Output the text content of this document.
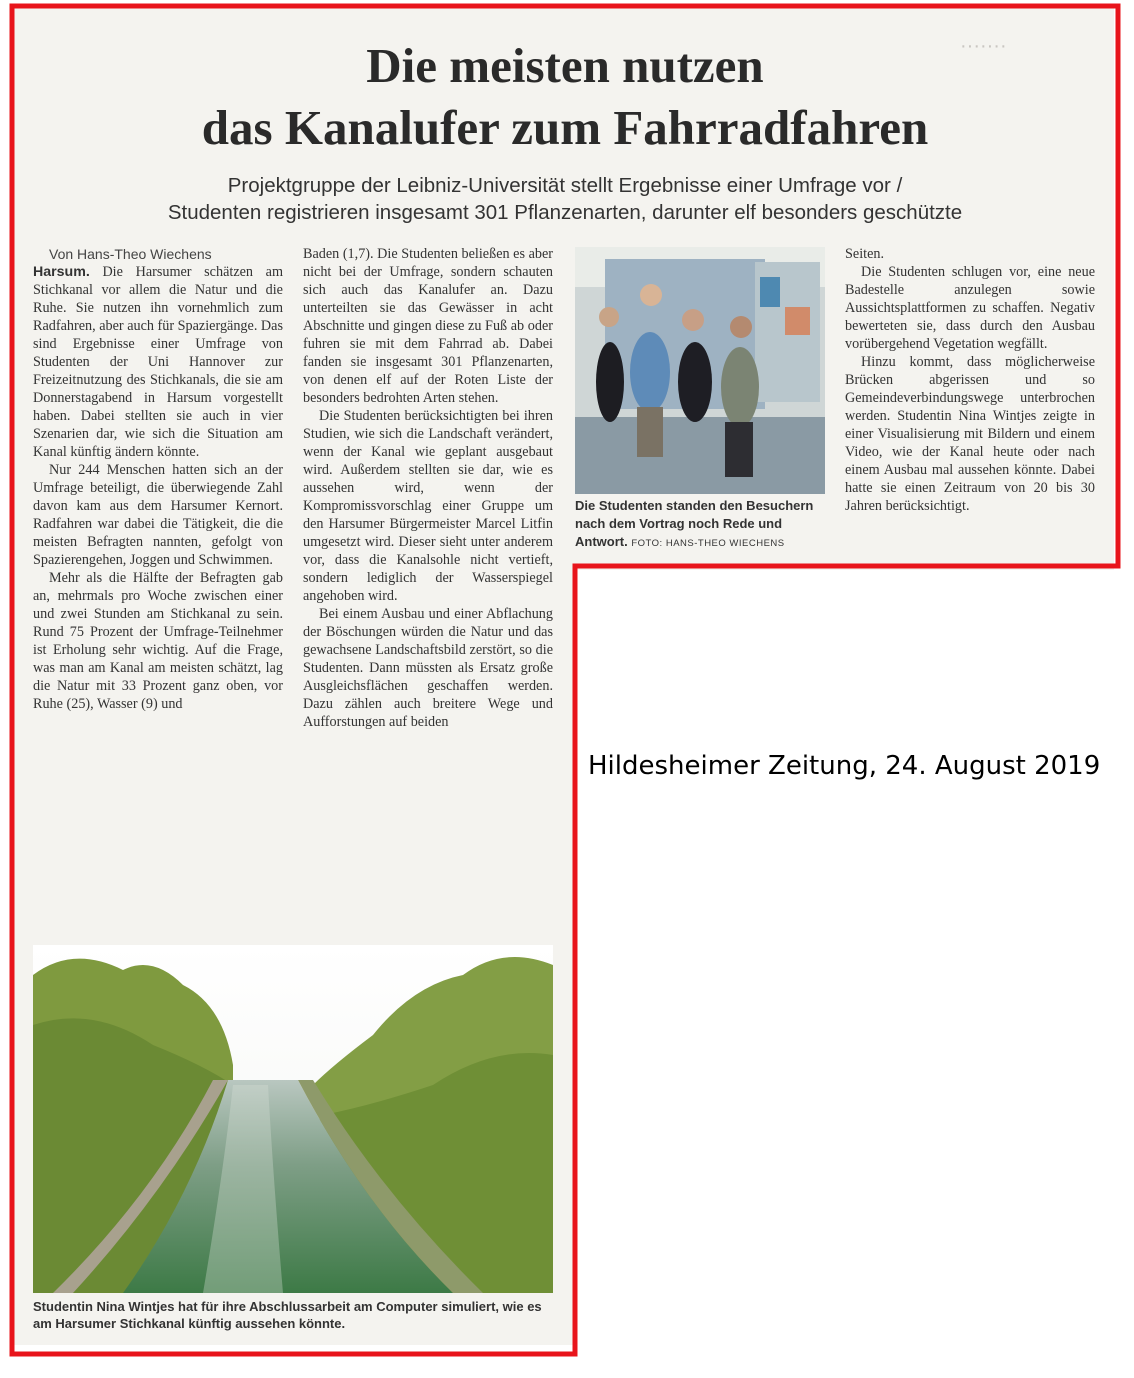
·······
Die meisten nutzen
das Kanalufer zum Fahrradfahren
Projektgruppe der Leibniz-Universität stellt Ergebnisse einer Umfrage vor /
Studenten registrieren insgesamt 301 Pflanzenarten, darunter elf besonders geschützte

Von Hans-Theo Wiechens

Harsum. Die Harsumer schätzen am Stichkanal vor allem die Natur und die Ruhe. Sie nutzen ihn vornehmlich zum Radfahren, aber auch für Spaziergänge. Das sind Ergebnisse einer Umfrage von Studenten der Uni Hannover zur Freizeitnutzung des Stichkanals, die sie am Donnerstagabend in Harsum vorgestellt haben. Dabei stellten sie auch in vier Szenarien dar, wie sich die Situation am Kanal künftig ändern könnte.

Nur 244 Menschen hatten sich an der Umfrage beteiligt, die überwiegende Zahl davon kam aus dem Harsumer Kernort. Radfahren war dabei die Tätigkeit, die die meisten Befragten nannten, gefolgt von Spazierengehen, Joggen und Schwimmen.

Mehr als die Hälfte der Befragten gab an, mehrmals pro Woche zwischen einer und zwei Stunden am Stichkanal zu sein. Rund 75 Prozent der Umfrage-Teilnehmer ist Erholung sehr wichtig. Auf die Frage, was man am Kanal am meisten schätzt, lag die Natur mit 33 Prozent ganz oben, vor Ruhe (25), Wasser (9) und

Baden (1,7). Die Studenten beließen es aber nicht bei der Umfrage, sondern schauten sich auch das Kanalufer an. Dazu unterteilten sie das Gewässer in acht Abschnitte und gingen diese zu Fuß ab oder fuhren sie mit dem Fahrrad ab. Dabei fanden sie insgesamt 301 Pflanzenarten, von denen elf auf der Roten Liste der besonders bedrohten Arten stehen.

Die Studenten berücksichtigten bei ihren Studien, wie sich die Landschaft verändert, wenn der Kanal wie geplant ausgebaut wird. Außerdem stellten sie dar, wie es aussehen wird, wenn der Kompromissvorschlag einer Gruppe um den Harsumer Bürgermeister Marcel Litfin umgesetzt wird. Dieser sieht unter anderem vor, dass die Kanalsohle nicht vertieft, sondern lediglich der Wasserspiegel angehoben wird.

Bei einem Ausbau und einer Abflachung der Böschungen würden die Natur und das gewachsene Landschaftsbild zerstört, so die Studenten. Dann müssten als Ersatz große Ausgleichsflächen geschaffen werden. Dazu zählen auch breitere Wege und Aufforstungen auf beiden

Die Studenten standen den Besuchern nach dem Vortrag noch Rede und Antwort. FOTO: HANS-THEO WIECHENS

Seiten.

Die Studenten schlugen vor, eine neue Badestelle anzulegen sowie Aussichtsplattformen zu schaffen. Negativ bewerteten sie, dass durch den Ausbau vorübergehend Vegetation wegfällt.

Hinzu kommt, dass möglicherweise Brücken abgerissen und so Gemeindeverbindungswege unterbrochen werden. Studentin Nina Wintjes zeigte in einer Visualisierung mit Bildern und einem Video, wie der Kanal heute oder nach einem Ausbau mal aussehen könnte. Dabei hatte sie einen Zeitraum von 20 bis 30 Jahren berücksichtigt.

Studentin Nina Wintjes hat für ihre Abschlussarbeit am Computer simuliert, wie es am Harsumer Stichkanal künftig aussehen könnte.
Hildesheimer Zeitung, 24. August 2019
